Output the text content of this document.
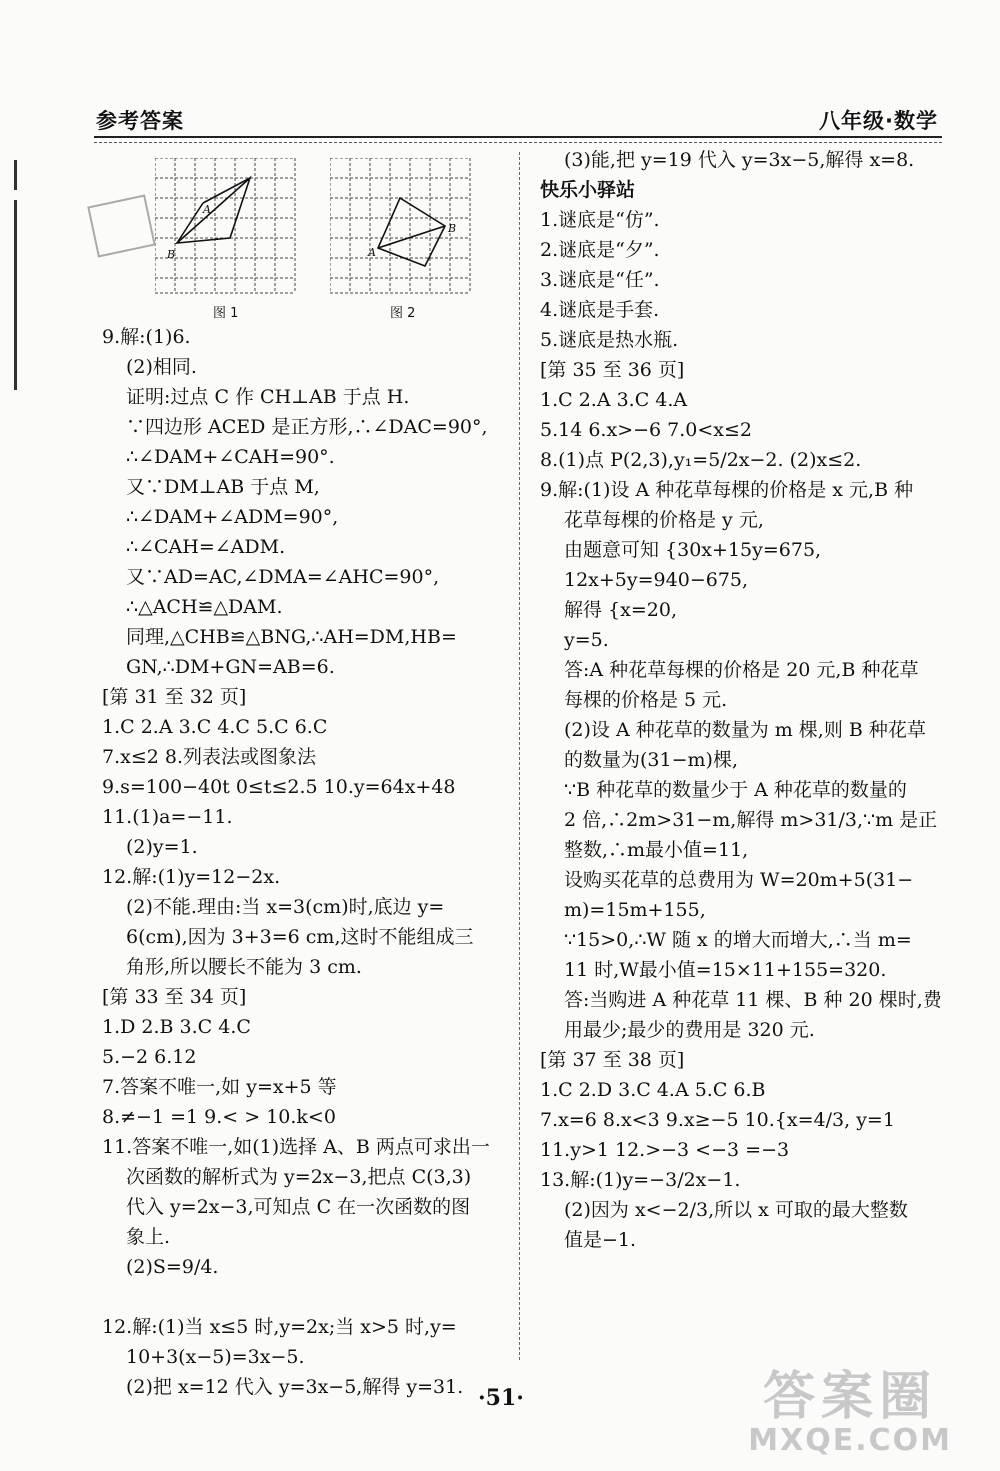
参考答案	八年级·数学
A
B
图 1
A
B
图 2
9.解:(1)6.
(2)相同.
证明:过点 C 作 CH⊥AB 于点 H.
∵四边形 ACED 是正方形,∴∠DAC=90°,
∴∠DAM+∠CAH=90°.
又∵DM⊥AB 于点 M,
∴∠DAM+∠ADM=90°,
∴∠CAH=∠ADM.
又∵AD=AC,∠DMA=∠AHC=90°,
∴△ACH≌△DAM.
同理,△CHB≌△BNG,∴AH=DM,HB=
GN,∴DM+GN=AB=6.
[第 31 至 32 页]
1.C 2.A 3.C 4.C 5.C 6.C
7.x≤2 8.列表法或图象法
9.s=100−40t 0≤t≤2.5 10.y=64x+48
11.(1)a=−11.
(2)y=1.
12.解:(1)y=12−2x.
(2)不能.理由:当 x=3(cm)时,底边 y=
6(cm),因为 3+3=6 cm,这时不能组成三
角形,所以腰长不能为 3 cm.
[第 33 至 34 页]
1.D 2.B 3.C 4.C
5.−2 6.12
7.答案不唯一,如 y=x+5 等
8.≠−1 =1 9.< > 10.k<0
11.答案不唯一,如(1)选择 A、B 两点可求出一
次函数的解析式为 y=2x−3,把点 C(3,3)
代入 y=2x−3,可知点 C 在一次函数的图
象上.
(2)S=9/4.
12.解:(1)当 x≤5 时,y=2x;当 x>5 时,y=
10+3(x−5)=3x−5.
(2)把 x=12 代入 y=3x−5,解得 y=31.
(3)能,把 y=19 代入 y=3x−5,解得 x=8.
快乐小驿站
1.谜底是“仿”.
2.谜底是“夕”.
3.谜底是“任”.
4.谜底是手套.
5.谜底是热水瓶.
[第 35 至 36 页]
1.C 2.A 3.C 4.A
5.14 6.x>−6 7.0<x≤2
8.(1)点 P(2,3),y₁=5/2x−2. (2)x≤2.
9.解:(1)设 A 种花草每棵的价格是 x 元,B 种
花草每棵的价格是 y 元,
由题意可知 {30x+15y=675,
12x+5y=940−675,
解得 {x=20,
y=5.
答:A 种花草每棵的价格是 20 元,B 种花草
每棵的价格是 5 元.
(2)设 A 种花草的数量为 m 棵,则 B 种花草
的数量为(31−m)棵,
∵B 种花草的数量少于 A 种花草的数量的
2 倍,∴2m>31−m,解得 m>31/3,∵m 是正
整数,∴m最小值=11,
设购买花草的总费用为 W=20m+5(31−
m)=15m+155,
∵15>0,∴W 随 x 的增大而增大,∴当 m=
11 时,W最小值=15×11+155=320.
答:当购进 A 种花草 11 棵、B 种 20 棵时,费
用最少;最少的费用是 320 元.
[第 37 至 38 页]
1.C 2.D 3.C 4.A 5.C 6.B
7.x=6 8.x<3 9.x≥−5 10.{x=4/3, y=1
11.y>1 12.>−3 <−3 =−3
13.解:(1)y=−3/2x−1.
(2)因为 x<−2/3,所以 x 可取的最大整数
值是−1.
·51·	答案圈
MXQE.COM
